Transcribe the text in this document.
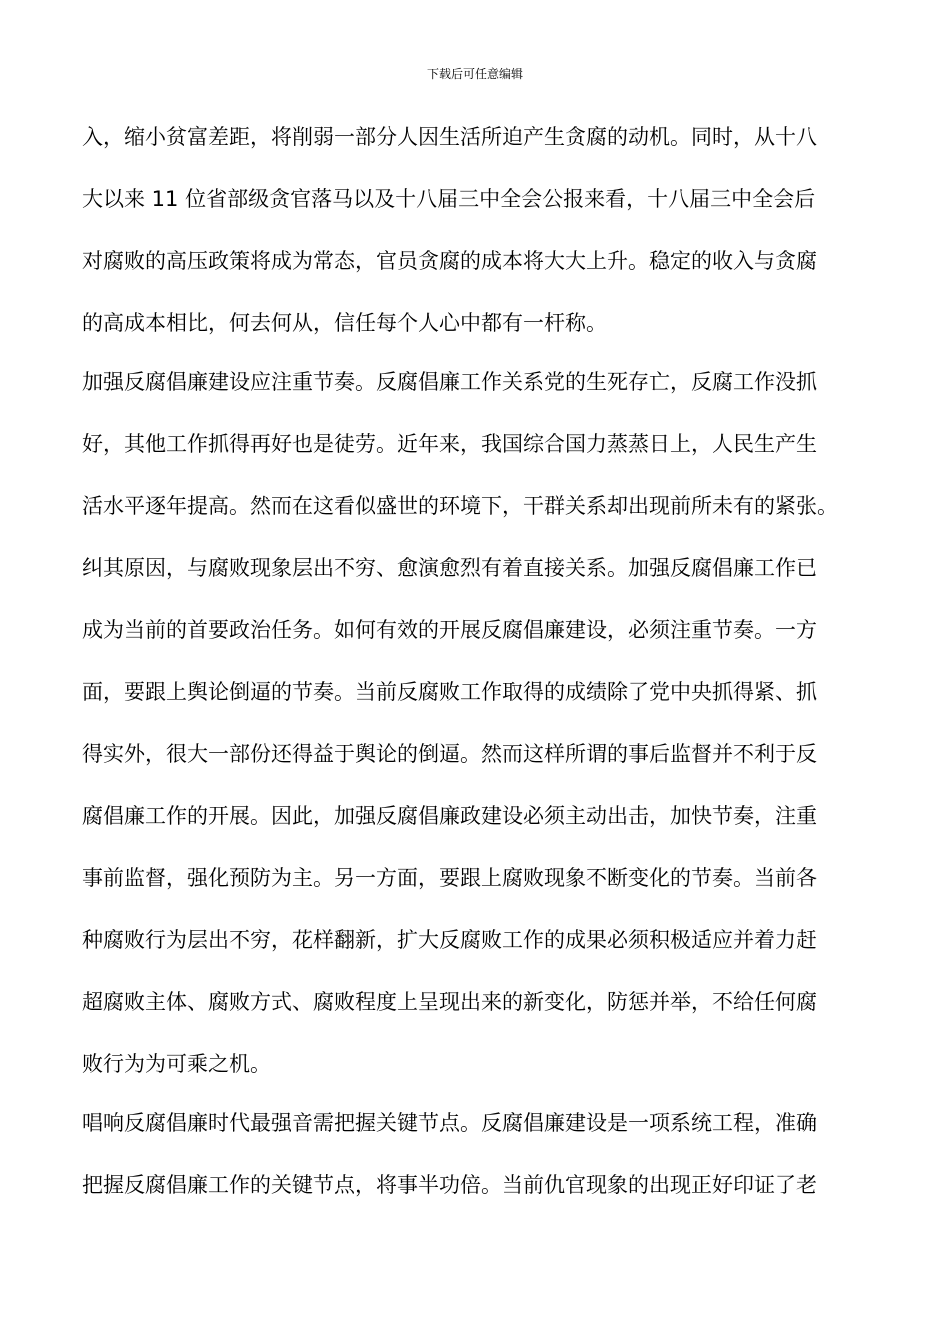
下载后可任意编辑
入，缩小贫富差距，将削弱一部分人因生活所迫产生贪腐的动机。同时，从十八
大以来 11 位省部级贪官落马以及十八届三中全会公报来看，十八届三中全会后
对腐败的高压政策将成为常态，官员贪腐的成本将大大上升。稳定的收入与贪腐
的高成本相比，何去何从，信任每个人心中都有一杆称。
加强反腐倡廉建设应注重节奏。反腐倡廉工作关系党的生死存亡，反腐工作没抓
好，其他工作抓得再好也是徒劳。近年来，我国综合国力蒸蒸日上，人民生产生
活水平逐年提高。然而在这看似盛世的环境下，干群关系却出现前所未有的紧张。
纠其原因，与腐败现象层出不穷、愈演愈烈有着直接关系。加强反腐倡廉工作已
成为当前的首要政治任务。如何有效的开展反腐倡廉建设，必须注重节奏。一方
面，要跟上舆论倒逼的节奏。当前反腐败工作取得的成绩除了党中央抓得紧、抓
得实外，很大一部份还得益于舆论的倒逼。然而这样所谓的事后监督并不利于反
腐倡廉工作的开展。因此，加强反腐倡廉政建设必须主动出击，加快节奏，注重
事前监督，强化预防为主。另一方面，要跟上腐败现象不断变化的节奏。当前各
种腐败行为层出不穷，花样翻新，扩大反腐败工作的成果必须积极适应并着力赶
超腐败主体、腐败方式、腐败程度上呈现出来的新变化，防惩并举，不给任何腐
败行为为可乘之机。
唱响反腐倡廉时代最强音需把握关键节点。反腐倡廉建设是一项系统工程，准确
把握反腐倡廉工作的关键节点，将事半功倍。当前仇官现象的出现正好印证了老
